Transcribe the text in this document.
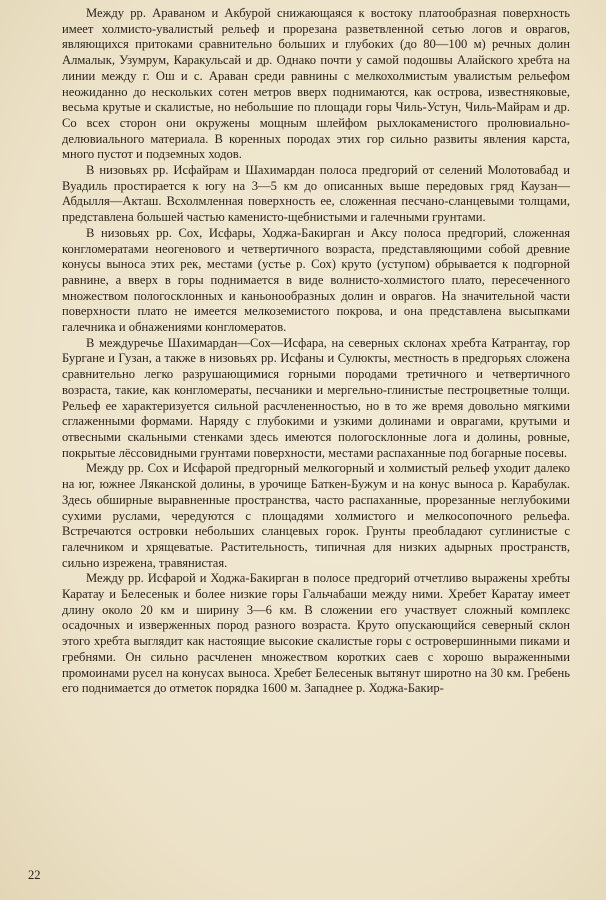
Между рр. Араваном и Акбурой снижающаяся к востоку платообразная поверхность имеет холмисто-увалистый рельеф и прорезана разветвленной сетью логов и оврагов, являющихся притоками сравнительно больших и глубоких (до 80—100 м) речных долин Алмалык, Узумрум, Каракульсай и др. Однако почти у самой подошвы Алайского хребта на линии между г. Ош и с. Араван среди равнины с мелкохолмистым увалистым рельефом неожиданно до нескольких сотен метров вверх поднимаются, как острова, известняковые, весьма крутые и скалистые, но небольшие по площади горы Чиль-Устун, Чиль-Майрам и др. Со всех сторон они окружены мощным шлейфом рыхлокаменистого пролювиально-делювиального материала. В коренных породах этих гор сильно развиты явления карста, много пустот и подземных ходов.

В низовьях рр. Исфайрам и Шахимардан полоса предгорий от селений Молотовабад и Вуадиль простирается к югу на 3—5 км до описанных выше передовых гряд Каузан—Абдылля—Акташ. Всхолмленная поверхность ее, сложенная песчано-сланцевыми толщами, представлена большей частью каменисто-щебнистыми и галечными грунтами.

В низовьях рр. Сох, Исфары, Ходжа-Бакирган и Аксу полоса предгорий, сложенная конгломератами неогенового и четвертичного возраста, представляющими собой древние конусы выноса этих рек, местами (устье р. Сох) круто (уступом) обрывается к подгорной равнине, а вверх в горы поднимается в виде волнисто-холмистого плато, пересеченного множеством пологосклонных и каньонообразных долин и оврагов. На значительной части поверхности плато не имеется мелкоземистого покрова, и она представлена высыпками галечника и обнажениями конгломератов.

В междуречье Шахимардан—Сох—Исфара, на северных склонах хребта Катрантау, гор Бургане и Гузан, а также в низовьях рр. Исфаны и Сулюкты, местность в предгорьях сложена сравнительно легко разрушающимися горными породами третичного и четвертичного возраста, такие, как конгломераты, песчаники и мергельно-глинистые пестроцветные толщи. Рельеф ее характеризуется сильной расчлененностью, но в то же время довольно мягкими сглаженными формами. Наряду с глубокими и узкими долинами и оврагами, крутыми и отвесными скальными стенками здесь имеются пологосклонные лога и долины, ровные, покрытые лёссовидными грунтами поверхности, местами распаханные под богарные посевы.

Между рр. Сох и Исфарой предгорный мелкогорный и холмистый рельеф уходит далеко на юг, южнее Ляканской долины, в урочище Баткен-Бужум и на конус выноса р. Карабулак. Здесь обширные выравненные пространства, часто распаханные, прорезанные неглубокими сухими руслами, чередуются с площадями холмистого и мелкосопочного рельефа. Встречаются островки небольших сланцевых горок. Грунты преобладают суглинистые с галечником и хрящеватые. Растительность, типичная для низких адырных пространств, сильно изрежена, травянистая.

Между рр. Исфарой и Ходжа-Бакирган в полосе предгорий отчетливо выражены хребты Каратау и Белесенык и более низкие горы Гальчабаши между ними. Хребет Каратау имеет длину около 20 км и ширину 3—6 км. В сложении его участвует сложный комплекс осадочных и изверженных пород разного возраста. Круто опускающийся северный склон этого хребта выглядит как настоящие высокие скалистые горы с островершинными пиками и гребнями. Он сильно расчленен множеством коротких саев с хорошо выраженными промоинами русел на конусах выноса. Хребет Белесенык вытянут широтно на 30 км. Гребень его поднимается до отметок порядка 1600 м. Западнее р. Ходжа-Бакир-

22
